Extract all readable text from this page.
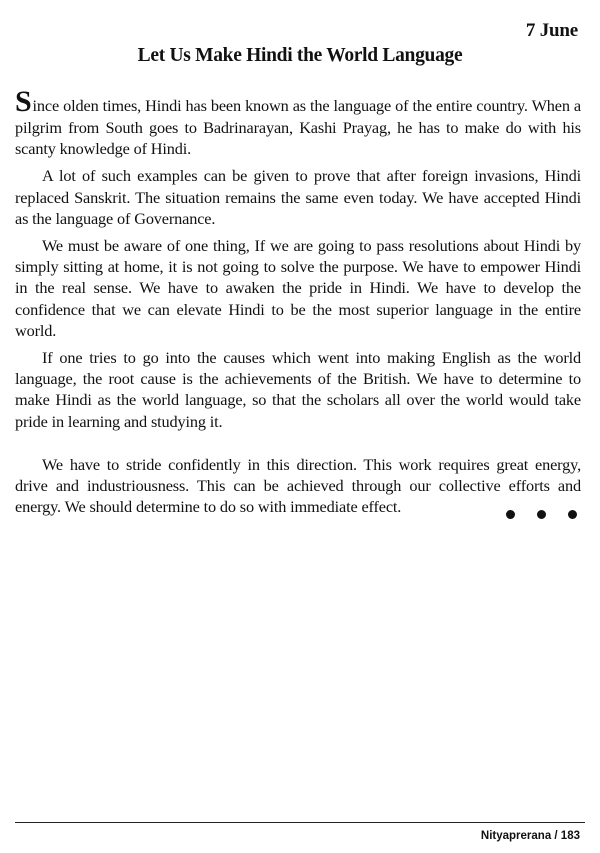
7 June
Let Us Make Hindi the World Language

Since olden times, Hindi has been known as the language of the entire country. When a pilgrim from South goes to Badrinarayan, Kashi Prayag, he has to make do with his scanty knowledge of Hindi.

A lot of such examples can be given to prove that after foreign invasions, Hindi replaced Sanskrit. The situation remains the same even today. We have accepted Hindi as the language of Governance.

We must be aware of one thing, If we are going to pass resolutions about Hindi by simply sitting at home, it is not going to solve the purpose. We have to empower Hindi in the real sense. We have to awaken the pride in Hindi. We have to develop the confidence that we can elevate Hindi to be the most superior language in the entire world.

If one tries to go into the causes which went into making English as the world language, the root cause is the achievements of the British. We have to determine to make Hindi as the world language, so that the scholars all over the world would take pride in learning and studying it.

We have to stride confidently in this direction. This work requires great energy, drive and industriousness. This can be achieved through our collective efforts and energy. We should determine to do so with immediate effect.

Nityaprerana / 183
